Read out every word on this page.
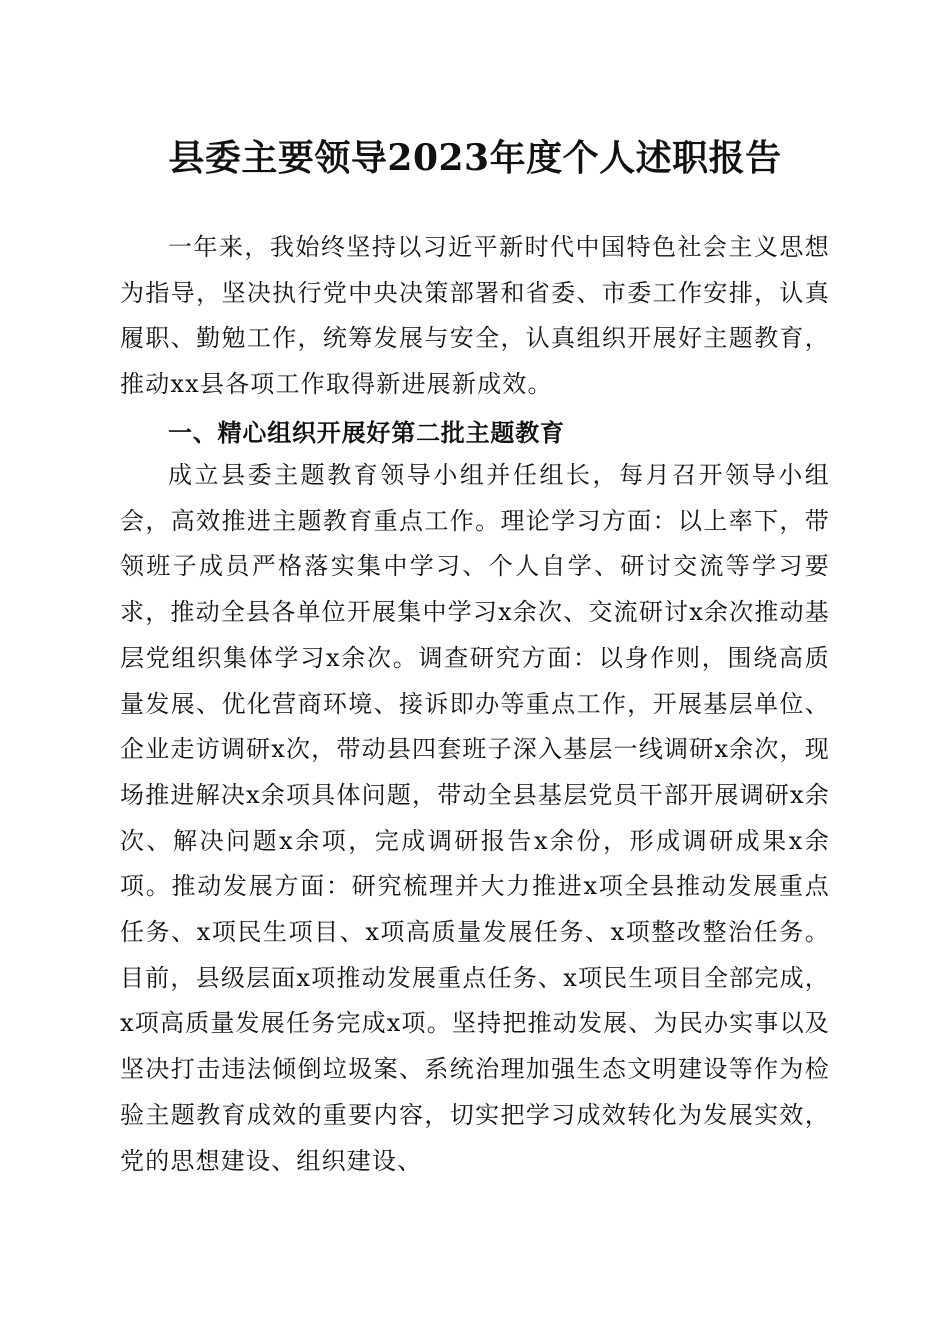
县委主要领导2023年度个人述职报告

一年来，我始终坚持以习近平新时代中国特色社会主义思想为指导，坚决执行党中央决策部署和省委、市委工作安排，认真履职、勤勉工作，统筹发展与安全，认真组织开展好主题教育，推动xx县各项工作取得新进展新成效。

一、精心组织开展好第二批主题教育

成立县委主题教育领导小组并任组长，每月召开领导小组会，高效推进主题教育重点工作。理论学习方面：以上率下，带领班子成员严格落实集中学习、个人自学、研讨交流等学习要求，推动全县各单位开展集中学习x余次、交流研讨x余次推动基层党组织集体学习x余次。调查研究方面：以身作则，围绕高质量发展、优化营商环境、接诉即办等重点工作，开展基层单位、企业走访调研x次，带动县四套班子深入基层一线调研x余次，现场推进解决x余项具体问题，带动全县基层党员干部开展调研x余次、解决问题x余项，完成调研报告x余份，形成调研成果x余项。推动发展方面：研究梳理并大力推进x项全县推动发展重点任务、x项民生项目、x项高质量发展任务、x项整改整治任务。目前，县级层面x项推动发展重点任务、x项民生项目全部完成，x项高质量发展任务完成x项。坚持把推动发展、为民办实事以及坚决打击违法倾倒垃圾案、系统治理加强生态文明建设等作为检验主题教育成效的重要内容，切实把学习成效转化为发展实效，党的思想建设、组织建设、
